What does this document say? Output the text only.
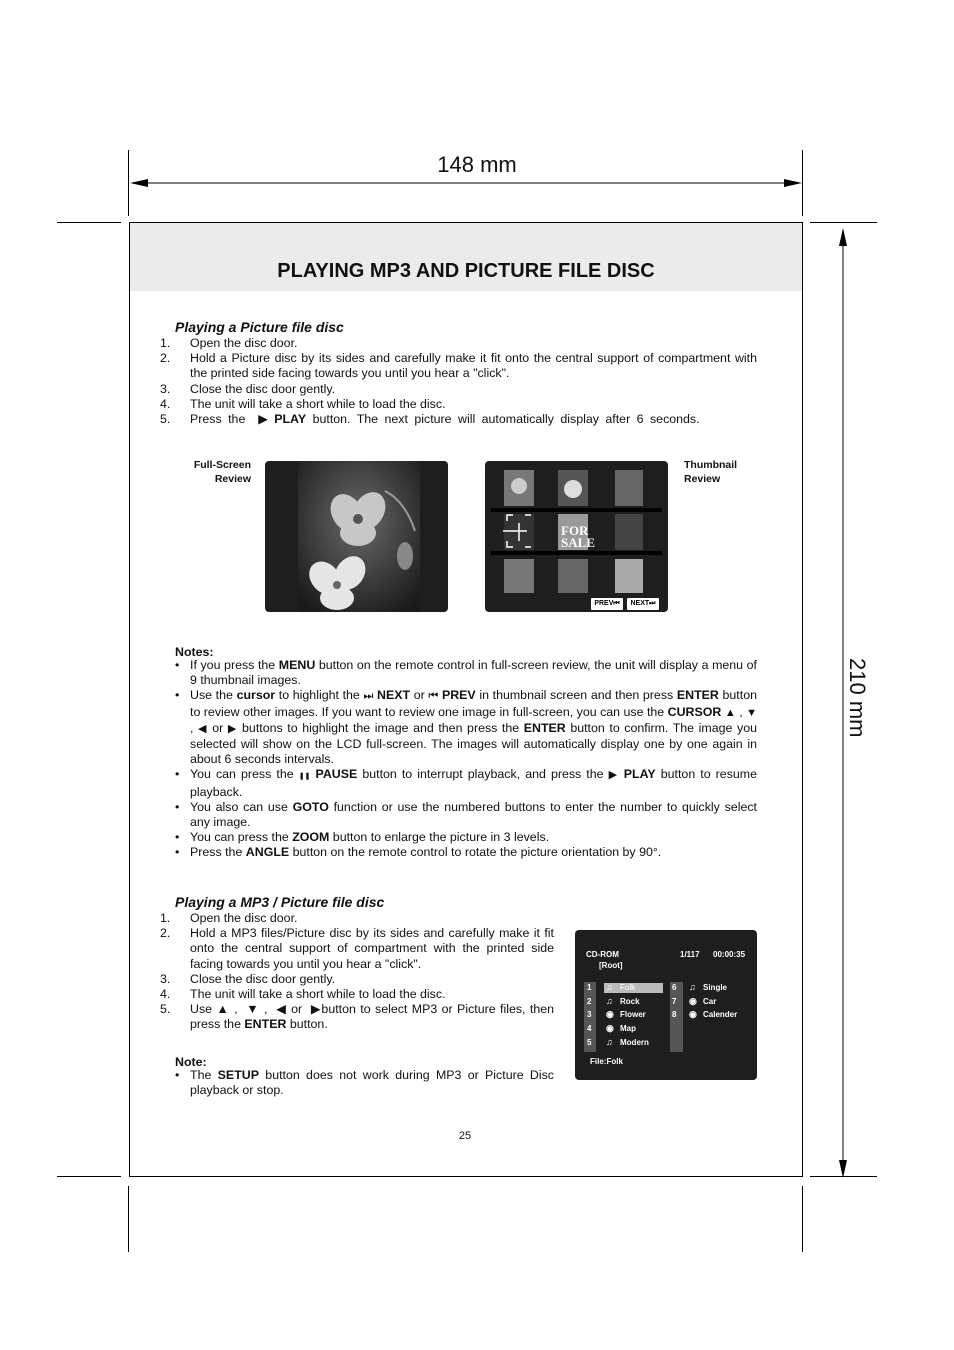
148 mm
210 mm
PLAYING MP3 AND PICTURE FILE DISC
Playing a Picture file disc
1. Open the disc door.
2. Hold a Picture disc by its sides and carefully make it fit onto the central support of compartment with the printed side facing towards you until you hear a "click".
3. Close the disc door gently.
4. The unit will take a short while to load the disc.
5. Press the ▶ PLAY button. The next picture will automatically display after 6 seconds.
Full-Screen
Review
Thumbnail
Review
FOR
SALE
PREV⏮	NEXT⏭
Notes:
• If you press the MENU button on the remote control in full-screen review, the unit will display a menu of 9 thumbnail images.
• Use the cursor to highlight the ⏭ NEXT or ⏮ PREV in thumbnail screen and then press ENTER button to review other images. If you want to review one image in full-screen, you can use the CURSOR ▲ , ▼ , ◀ or ▶ buttons to highlight the image and then press the ENTER button to confirm. The image you selected will show on the LCD full-screen. The images will automatically display one by one again in about 6 seconds intervals.
• You can press the ❚❚ PAUSE button to interrupt playback, and press the ▶ PLAY button to resume playback.
• You also can use GOTO function or use the numbered buttons to enter the number to quickly select any image.
• You can press the ZOOM button to enlarge the picture in 3 levels.
• Press the ANGLE button on the remote control to rotate the picture orientation by 90°.
Playing a MP3 / Picture file disc
1. Open the disc door.
2. Hold a MP3 files/Picture disc by its sides and carefully make it fit onto the central support of compartment with the printed side facing towards you until you hear a "click".
3. Close the disc door gently.
4. The unit will take a short while to load the disc.
5. Use ▲ ,  ▼ ,  ◀ or  ▶button to select MP3 or Picture files, then press the ENTER button.
Note:
• The SETUP button does not work during MP3 or Picture Disc playback or stop.
CD-ROM
[Root]
1/117 00:00:35
1 ♫ Folk
2 ♫ Rock
3 ◉ Flower
4 ◉ Map
5 ♫ Modern
6 ♫ Single
7 ◉ Car
8 ◉ Calender
File:Folk
25
